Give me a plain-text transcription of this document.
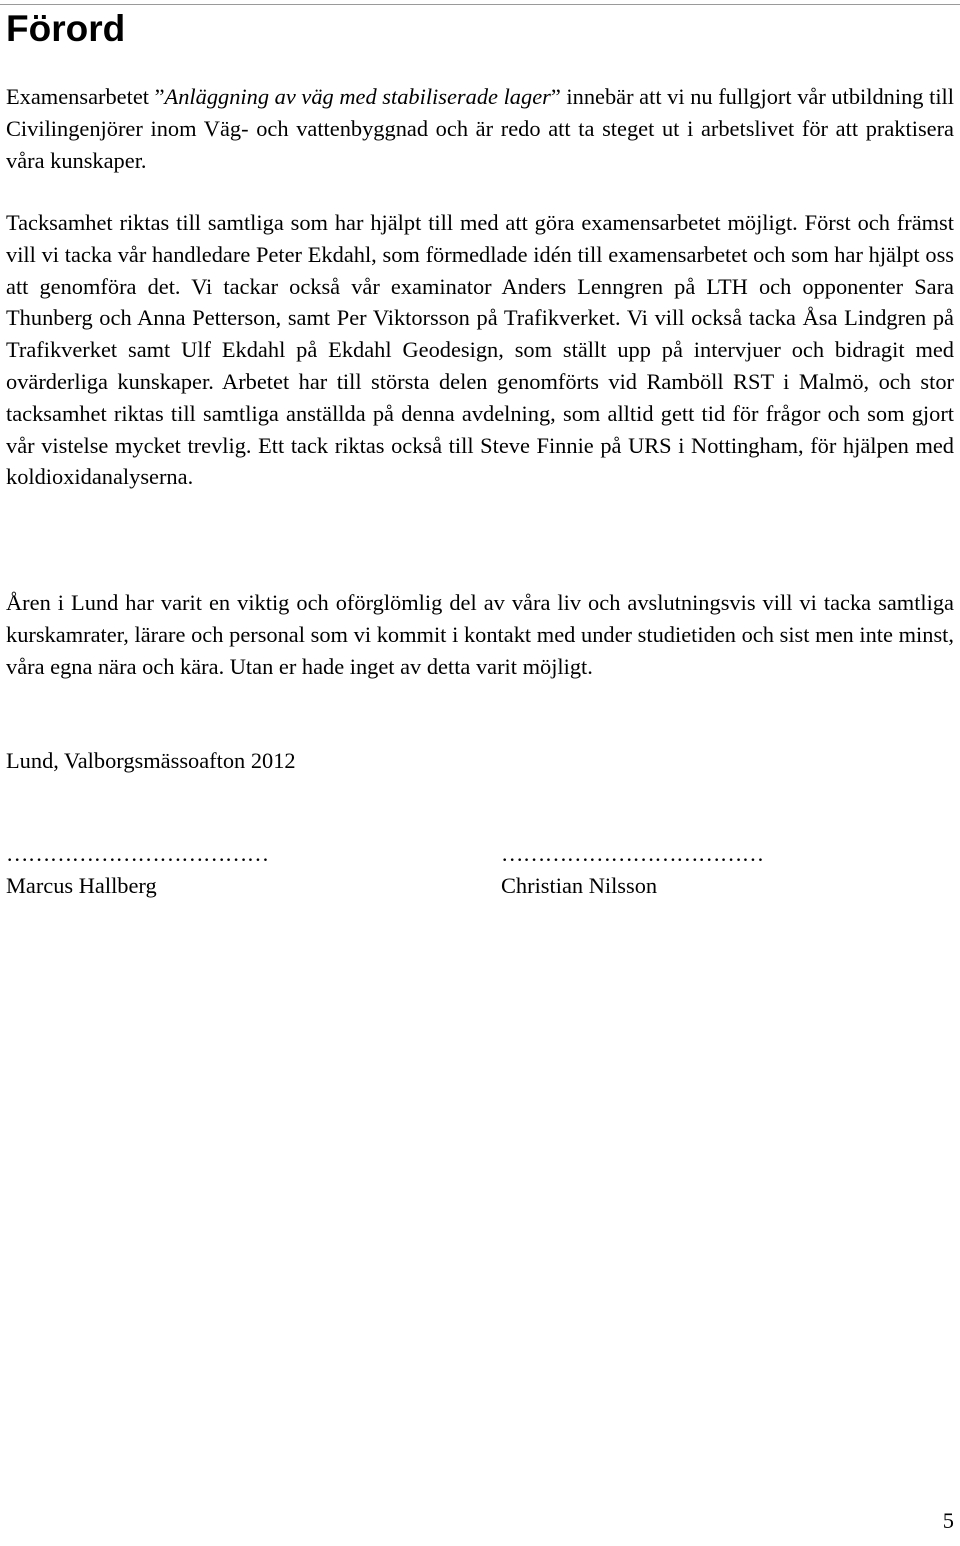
Förord

Examensarbetet ”Anläggning av väg med stabiliserade lager” innebär att vi nu fullgjort vår utbildning till Civilingenjörer inom Väg- och vattenbyggnad och är redo att ta steget ut i arbetslivet för att praktisera våra kunskaper.

Tacksamhet riktas till samtliga som har hjälpt till med att göra examensarbetet möjligt. Först och främst vill vi tacka vår handledare Peter Ekdahl, som förmedlade idén till examensarbetet och som har hjälpt oss att genomföra det. Vi tackar också vår examinator Anders Lenngren på LTH och opponenter Sara Thunberg och Anna Petterson, samt Per Viktorsson på Trafikverket. Vi vill också tacka Åsa Lindgren på Trafikverket samt Ulf Ekdahl på Ekdahl Geodesign, som ställt upp på intervjuer och bidragit med ovärderliga kunskaper. Arbetet har till största delen genomförts vid Ramböll RST i Malmö, och stor tacksamhet riktas till samtliga anställda på denna avdelning, som alltid gett tid för frågor och som gjort vår vistelse mycket trevlig. Ett tack riktas också till Steve Finnie på URS i Nottingham, för hjälpen med koldioxidanalyserna.

Åren i Lund har varit en viktig och oförglömlig del av våra liv och avslutningsvis vill vi tacka samtliga kurskamrater, lärare och personal som vi kommit i kontakt med under studietiden och sist men inte minst, våra egna nära och kära. Utan er hade inget av detta varit möjligt.

Lund, Valborgsmässoafton 2012

………………………………
Marcus Hallberg
………………………………
Christian Nilsson
5
